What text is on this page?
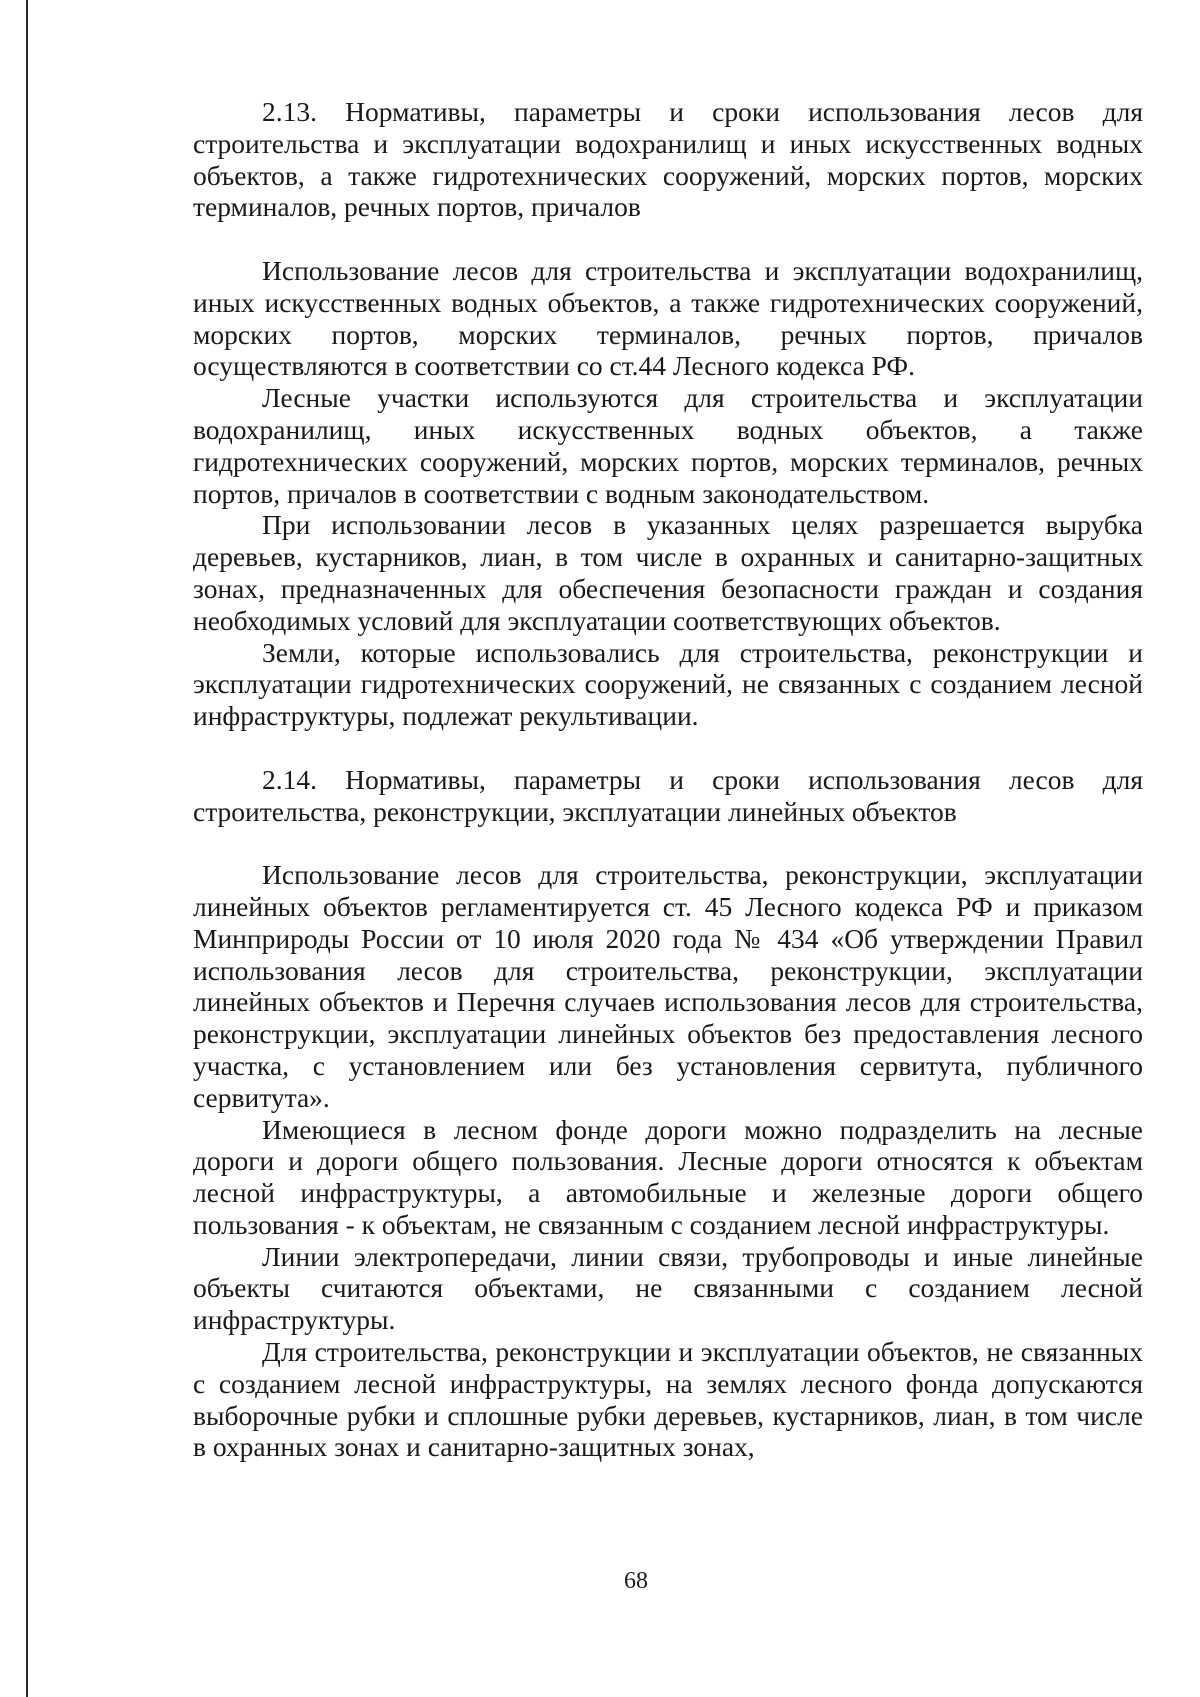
2.13. Нормативы, параметры и сроки использования лесов для строительства и эксплуатации водохранилищ и иных искусственных водных объектов, а также гидротехнических сооружений, морских портов, морских терминалов, речных портов, причалов

Использование лесов для строительства и эксплуатации водохранилищ, иных искусственных водных объектов, а также гидротехнических сооружений, морских портов, морских терминалов, речных портов, причалов осуществляются в соответствии со ст.44 Лесного кодекса РФ.

Лесные участки используются для строительства и эксплуатации водохранилищ, иных искусственных водных объектов, а также гидротехнических сооружений, морских портов, морских терминалов, речных портов, причалов в соответствии с водным законодательством.

При использовании лесов в указанных целях разрешается вырубка деревьев, кустарников, лиан, в том числе в охранных и санитарно-защитных зонах, предназначенных для обеспечения безопасности граждан и создания необходимых условий для эксплуатации соответствующих объектов.

Земли, которые использовались для строительства, реконструкции и эксплуатации гидротехнических сооружений, не связанных с созданием лесной инфраструктуры, подлежат рекультивации.

2.14. Нормативы, параметры и сроки использования лесов для строительства, реконструкции, эксплуатации линейных объектов

Использование лесов для строительства, реконструкции, эксплуатации линейных объектов регламентируется ст. 45 Лесного кодекса РФ и приказом Минприроды России от 10 июля 2020 года № 434 «Об утверждении Правил использования лесов для строительства, реконструкции, эксплуатации линейных объектов и Перечня случаев использования лесов для строительства, реконструкции, эксплуатации линейных объектов без предоставления лесного участка, с установлением или без установления сервитута, публичного сервитута».

Имеющиеся в лесном фонде дороги можно подразделить на лесные дороги и дороги общего пользования. Лесные дороги относятся к объектам лесной инфраструктуры, а автомобильные и железные дороги общего пользования - к объектам, не связанным с созданием лесной инфраструктуры.

Линии электропередачи, линии связи, трубопроводы и иные линейные объекты считаются объектами, не связанными с созданием лесной инфраструктуры.

Для строительства, реконструкции и эксплуатации объектов, не связанных с созданием лесной инфраструктуры, на землях лесного фонда допускаются выборочные рубки и сплошные рубки деревьев, кустарников, лиан, в том числе в охранных зонах и санитарно-защитных зонах,

68
